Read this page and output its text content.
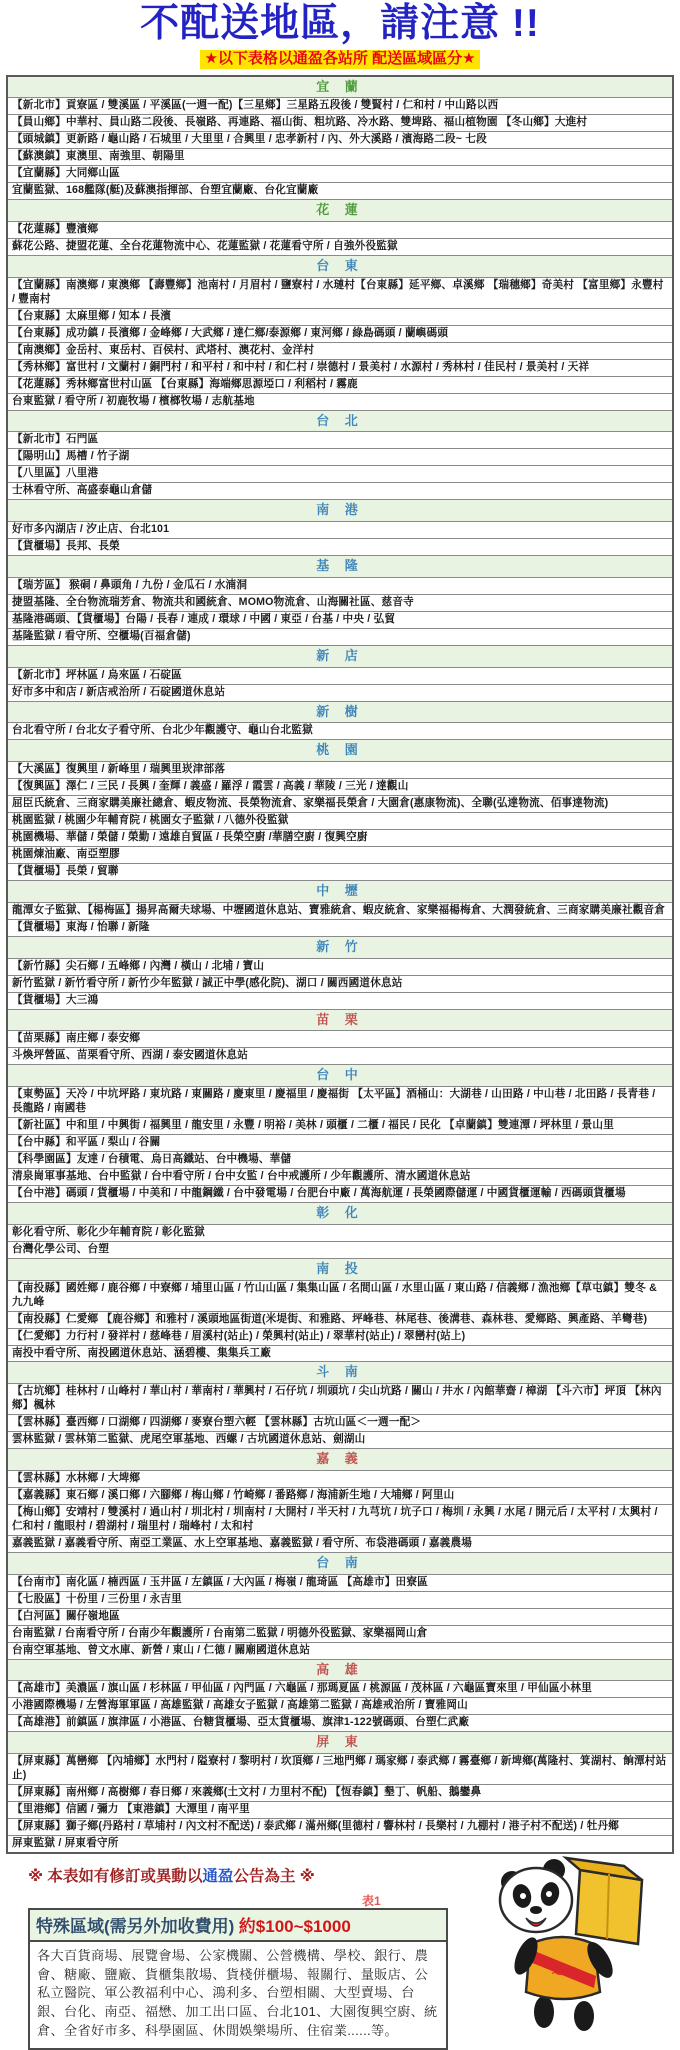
不配送地區，請注意 !!
★以下表格以通盈各站所 配送區域區分★
宜 蘭
【新北市】貢寮區 / 雙溪區 / 平溪區(一週一配)【三星鄉】三星路五段後 / 雙賢村 / 仁和村 / 中山路以西
【員山鄉】中華村、員山路二段後、長嶺路、再連路、福山街、粗坑路、冷水路、雙埤路、福山植物園 【冬山鄉】大進村
【頭城鎮】更新路 / 龜山路 / 石城里 / 大里里 / 合興里 / 忠孝新村 / 內、外大溪路 / 濱海路二段~ 七段
【蘇澳鎮】東澳里、南強里、朝陽里
【宜蘭縣】大同鄉山區
宜蘭監獄、168艦隊(艇)及蘇澳指揮部、台塑宜蘭廠、台化宜蘭廠
花 蓮
【花蓮縣】豐濱鄉
蘇花公路、捷盟花蓮、全台花蓮物流中心、花蓮監獄 / 花蓮看守所 / 自強外役監獄
台 東
【宜蘭縣】南澳鄉 / 東澳鄉 【壽豐鄉】池南村 / 月眉村 / 鹽寮村 / 水璉村【台東縣】延平鄉、卓溪鄉 【瑞穗鄉】奇美村 【富里鄉】永豐村 / 豐南村
【台東縣】太麻里鄉 / 知本 / 長濱
【台東縣】成功鎮 / 長濱鄉 / 金峰鄉 / 大武鄉 / 達仁鄉/泰源鄉 / 東河鄉 / 綠島碼頭 / 蘭嶼碼頭
【南澳鄉】金岳村、東岳村、百侯村、武塔村、澳花村、金洋村
【秀林鄉】富世村 / 文蘭村 / 銅門村 / 和平村 / 和中村 / 和仁村 / 崇德村 / 景美村 / 水源村 / 秀林村 / 佳民村 / 景美村 / 天祥
【花蓮縣】秀林鄉富世村山區 【台東縣】海端鄉思源埡口 / 利稻村 / 霧鹿
台東監獄 / 看守所 / 初鹿牧場 / 檳榔牧場 / 志航基地
台 北
【新北市】石門區
【陽明山】馬槽 / 竹子湖
【八里區】八里港
士林看守所、高盛泰龜山倉儲
南 港
好市多內湖店 / 汐止店、台北101
【貨櫃場】長邦、長榮
基 隆
【瑞芳區】 猴硐 / 鼻頭角 / 九份 / 金瓜石 / 水湳洞
捷盟基隆、全台物流瑞芳倉、物流共和國統倉、MOMO物流倉、山海關社區、慈音寺
基隆港碼頭、【貨櫃場】台陽 / 長春 / 連成 / 環球 / 中國 / 東亞 / 台基 / 中央 / 弘貿
基隆監獄 / 看守所、空櫃場(百福倉儲)
新 店
【新北市】坪林區 / 烏來區 / 石碇區
好市多中和店 / 新店戒治所 / 石碇國道休息站
新 樹
台北看守所 / 台北女子看守所、台北少年觀護守、龜山台北監獄
桃 園
【大溪區】復興里 / 新峰里 / 瑞興里崁津部落
【復興區】澤仁 / 三民 / 長興 / 奎輝 / 義盛 / 羅浮 / 霞雲 / 高義 / 華陵 / 三光 / 達觀山
屈臣氏統倉、三商家購美廉社總倉、蝦皮物流、長榮物流倉、家樂福長榮倉 / 大園倉(惠康物流)、全聯(弘達物流、佰事達物流)
桃園監獄 / 桃園少年輔育院 / 桃園女子監獄 / 八德外役監獄
桃園機場、華儲 / 榮儲 / 榮勤 / 遠雄自貿區 / 長榮空廚 /華膳空廚 / 復興空廚
桃園煉油廠、南亞塑膠
【貨櫃場】長榮 / 貿聯
中 壢
龍潭女子監獄、【楊梅區】揚昇高爾夫球場、中壢國道休息站、寶雅統倉、蝦皮統倉、家樂福楊梅倉、大潤發統倉、三商家購美廉社觀音倉
【貨櫃場】東海 / 怡聯 / 新隆
新 竹
【新竹縣】尖石鄉 / 五峰鄉 / 內灣 / 橫山 / 北埔 / 寶山
新竹監獄 / 新竹看守所 / 新竹少年監獄 / 誠正中學(感化院)、湖口 / 關西國道休息站
【貨櫃場】大三鴻
苗 栗
【苗栗縣】南庄鄉 / 泰安鄉
斗煥坪營區、苗栗看守所、西湖 / 泰安國道休息站
台 中
【東勢區】天冷 / 中坑坪路 / 東坑路 / 東關路 / 慶東里 / 慶福里 / 慶福街 【太平區】酒桶山：大湖巷 / 山田路 / 中山巷 / 北田路 / 長青巷 / 長龍路 / 南國巷
【新社區】中和里 / 中興街 / 福興里 / 龍安里 / 永豐 / 明裕 / 美林 / 頭櫃 / 二櫃 / 福民 / 民化 【卓蘭鎮】雙連潭 / 坪林里 / 景山里
【台中縣】和平區 / 梨山 / 谷關
【科學園區】友達 / 台積電、烏日高鐵站、台中機場、華儲
清泉崗軍事基地、台中監獄 / 台中看守所 / 台中女監 / 台中戒護所 / 少年觀護所、清水國道休息站
【台中港】碼頭 / 貨櫃場 / 中美和 / 中龍鋼鐵 / 台中發電場 / 台肥台中廠 / 萬海航運 / 長榮國際儲運 / 中國貨櫃運輸 / 西碼頭貨櫃場
彰 化
彰化看守所、彰化少年輔育院 / 彰化監獄
台灣化學公司、台塑
南 投
【南投縣】國姓鄉 / 鹿谷鄉 / 中寮鄉 / 埔里山區 / 竹山山區 / 集集山區 / 名間山區 / 水里山區 / 東山路 / 信義鄉 / 漁池鄉【草屯鎮】雙冬 & 九九峰
【南投縣】仁愛鄉 【鹿谷鄉】和雅村 / 溪頭地區街道(米堤街、和雅路、坪峰巷、林尾巷、後溝巷、森林巷、愛鄉路、興產路、羊彎巷)
【仁愛鄉】力行村 / 發祥村 / 慈峰巷 / 眉溪村(站止) / 榮興村(站止) / 翠華村(站止) / 翠巒村(站上)
南投中看守所、南投國道休息站、涵碧樓、集集兵工廠
斗 南
【古坑鄉】桂林村 / 山峰村 / 華山村 / 華南村 / 華興村 / 石仔坑 / 圳頭坑 / 尖山坑路 / 關山 / 井水 / 內館華齋 / 樟湖 【斗六市】坪頂 【林內鄉】楓林
【雲林縣】臺西鄉 / 口湖鄉 / 四湖鄉 / 麥寮台塑六輕 【雲林縣】古坑山區＜一週一配＞
雲林監獄 / 雲林第二監獄、虎尾空軍基地、西螺 / 古坑國道休息站、劍湖山
嘉 義
【雲林縣】水林鄉 / 大埤鄉
【嘉義縣】東石鄉 / 溪口鄉 / 六腳鄉 / 梅山鄉 / 竹崎鄉 / 番路鄉 / 海浦新生地 / 大埔鄉 / 阿里山
【梅山鄉】安靖村 / 雙溪村 / 過山村 / 圳北村 / 圳南村 / 大開村 / 半天村 / 九芎坑 / 坑子口 / 梅圳 / 永興 / 水尾 / 開元后 / 太平村 / 太興村 / 仁和村 / 龍眼村 / 碧湖村 / 瑞里村 / 瑞峰村 / 太和村
嘉義監獄 / 嘉義看守所、南亞工業區、水上空軍基地、嘉義監獄 / 看守所、布袋港碼頭 / 嘉義農場
台 南
【台南市】南化區 / 楠西區 / 玉井區 / 左鎮區 / 大內區 / 梅嶺 / 龍琦區 【高雄市】田寮區
【七股區】十份里 / 三份里 / 永吉里
【白河區】關仔嶺地區
台南監獄 / 台南看守所 / 台南少年觀護所 / 台南第二監獄 / 明德外役監獄、家樂福岡山倉
台南空軍基地、曾文水庫、新營 / 東山 / 仁德 / 關廟國道休息站
高 雄
【高雄市】美濃區 / 旗山區 / 杉林區 / 甲仙區 / 內門區 / 六龜區 / 那瑪夏區 / 桃源區 / 茂林區 / 六龜區寶來里 / 甲仙區小林里
小港國際機場 / 左營海軍軍區 / 高雄監獄 / 高雄女子監獄 / 高雄第二監獄 / 高雄戒治所 / 寶雅岡山
【高雄港】前鎮區 / 旗津區 / 小港區、台糖貨櫃場、亞太貨櫃場、旗津1-122號碼頭、台塑仁武廠
屏 東
【屏東縣】萬巒鄉 【內埔鄉】水門村 / 隘寮村 / 黎明村 / 坎頂鄉 / 三地門鄉 / 瑪家鄉 / 泰武鄉 / 霧臺鄉 / 新埤鄉(萬隆村、箕湖村、餉潭村站止)
【屏東縣】南州鄉 / 高樹鄉 / 春日鄉 / 來義鄉(土文村 / 力里村不配) 【恆春鎮】墾丁、帆船、鵝鑾鼻
【里港鄉】信國 / 彌力 【東港鎮】大潭里 / 南平里
【屏東縣】獅子鄉(丹路村 / 草埔村 / 內文村不配送) / 泰武鄉 / 滿州鄉(里德村 / 響林村 / 長樂村 / 九棚村 / 港子村不配送) / 牡丹鄉
屏東監獄 / 屏東看守所
※ 本表如有修訂或異動以通盈公告為主 ※
表1
特殊區域(需另外加收費用) 約$100~$1000
各大百貨商場、展覽會場、公家機關、公營機構、學校、銀行、農會、糖廠、鹽廠、貨櫃集散場、貨棧併櫃場、報關行、量販店、公私立醫院、軍公教福利中心、鴻利多、台塑相關、大型賣場、台銀、台化、南亞、福懋、加工出口區、台北101、大園復興空廚、統倉、全省好市多、科學園區、休閒娛樂場所、住宿業......等。
通 盈
